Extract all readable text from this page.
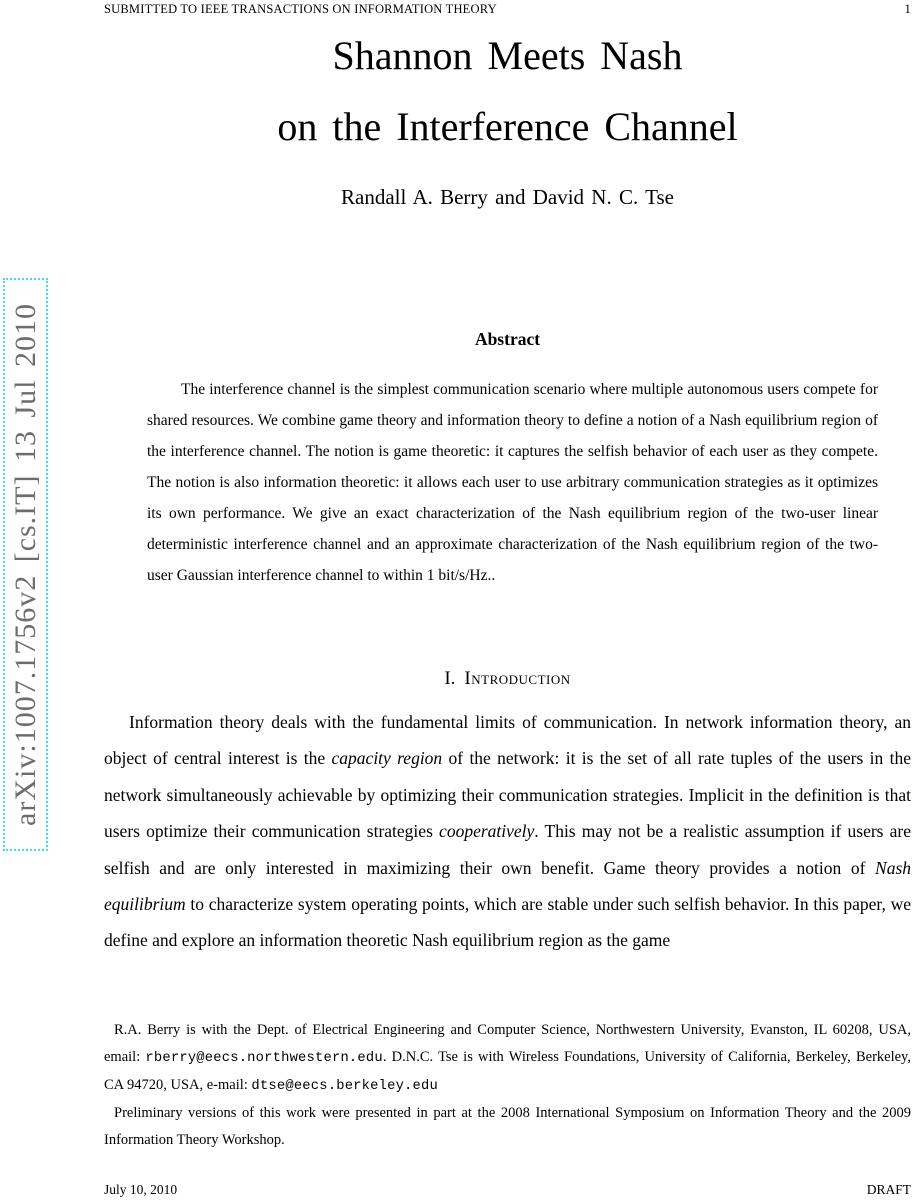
SUBMITTED TO IEEE TRANSACTIONS ON INFORMATION THEORY	1
arXiv:1007.1756v2 [cs.IT] 13 Jul 2010
Shannon Meets Nash
on the Interference Channel
Randall A. Berry and David N. C. Tse
Abstract
The interference channel is the simplest communication scenario where multiple autonomous users compete for shared resources. We combine game theory and information theory to define a notion of a Nash equilibrium region of the interference channel. The notion is game theoretic: it captures the selfish behavior of each user as they compete. The notion is also information theoretic: it allows each user to use arbitrary communication strategies as it optimizes its own performance. We give an exact characterization of the Nash equilibrium region of the two-user linear deterministic interference channel and an approximate characterization of the Nash equilibrium region of the two-user Gaussian interference channel to within 1 bit/s/Hz..
I. Introduction
Information theory deals with the fundamental limits of communication. In network information theory, an object of central interest is the capacity region of the network: it is the set of all rate tuples of the users in the network simultaneously achievable by optimizing their communication strategies. Implicit in the definition is that users optimize their communication strategies cooperatively. This may not be a realistic assumption if users are selfish and are only interested in maximizing their own benefit. Game theory provides a notion of Nash equilibrium to characterize system operating points, which are stable under such selfish behavior. In this paper, we define and explore an information theoretic Nash equilibrium region as the game

R.A. Berry is with the Dept. of Electrical Engineering and Computer Science, Northwestern University, Evanston, IL 60208, USA, email: rberry@eecs.northwestern.edu. D.N.C. Tse is with Wireless Foundations, University of California, Berkeley, Berkeley, CA 94720, USA, e-mail: dtse@eecs.berkeley.edu

Preliminary versions of this work were presented in part at the 2008 International Symposium on Information Theory and the 2009 Information Theory Workshop.

July 10, 2010	DRAFT
